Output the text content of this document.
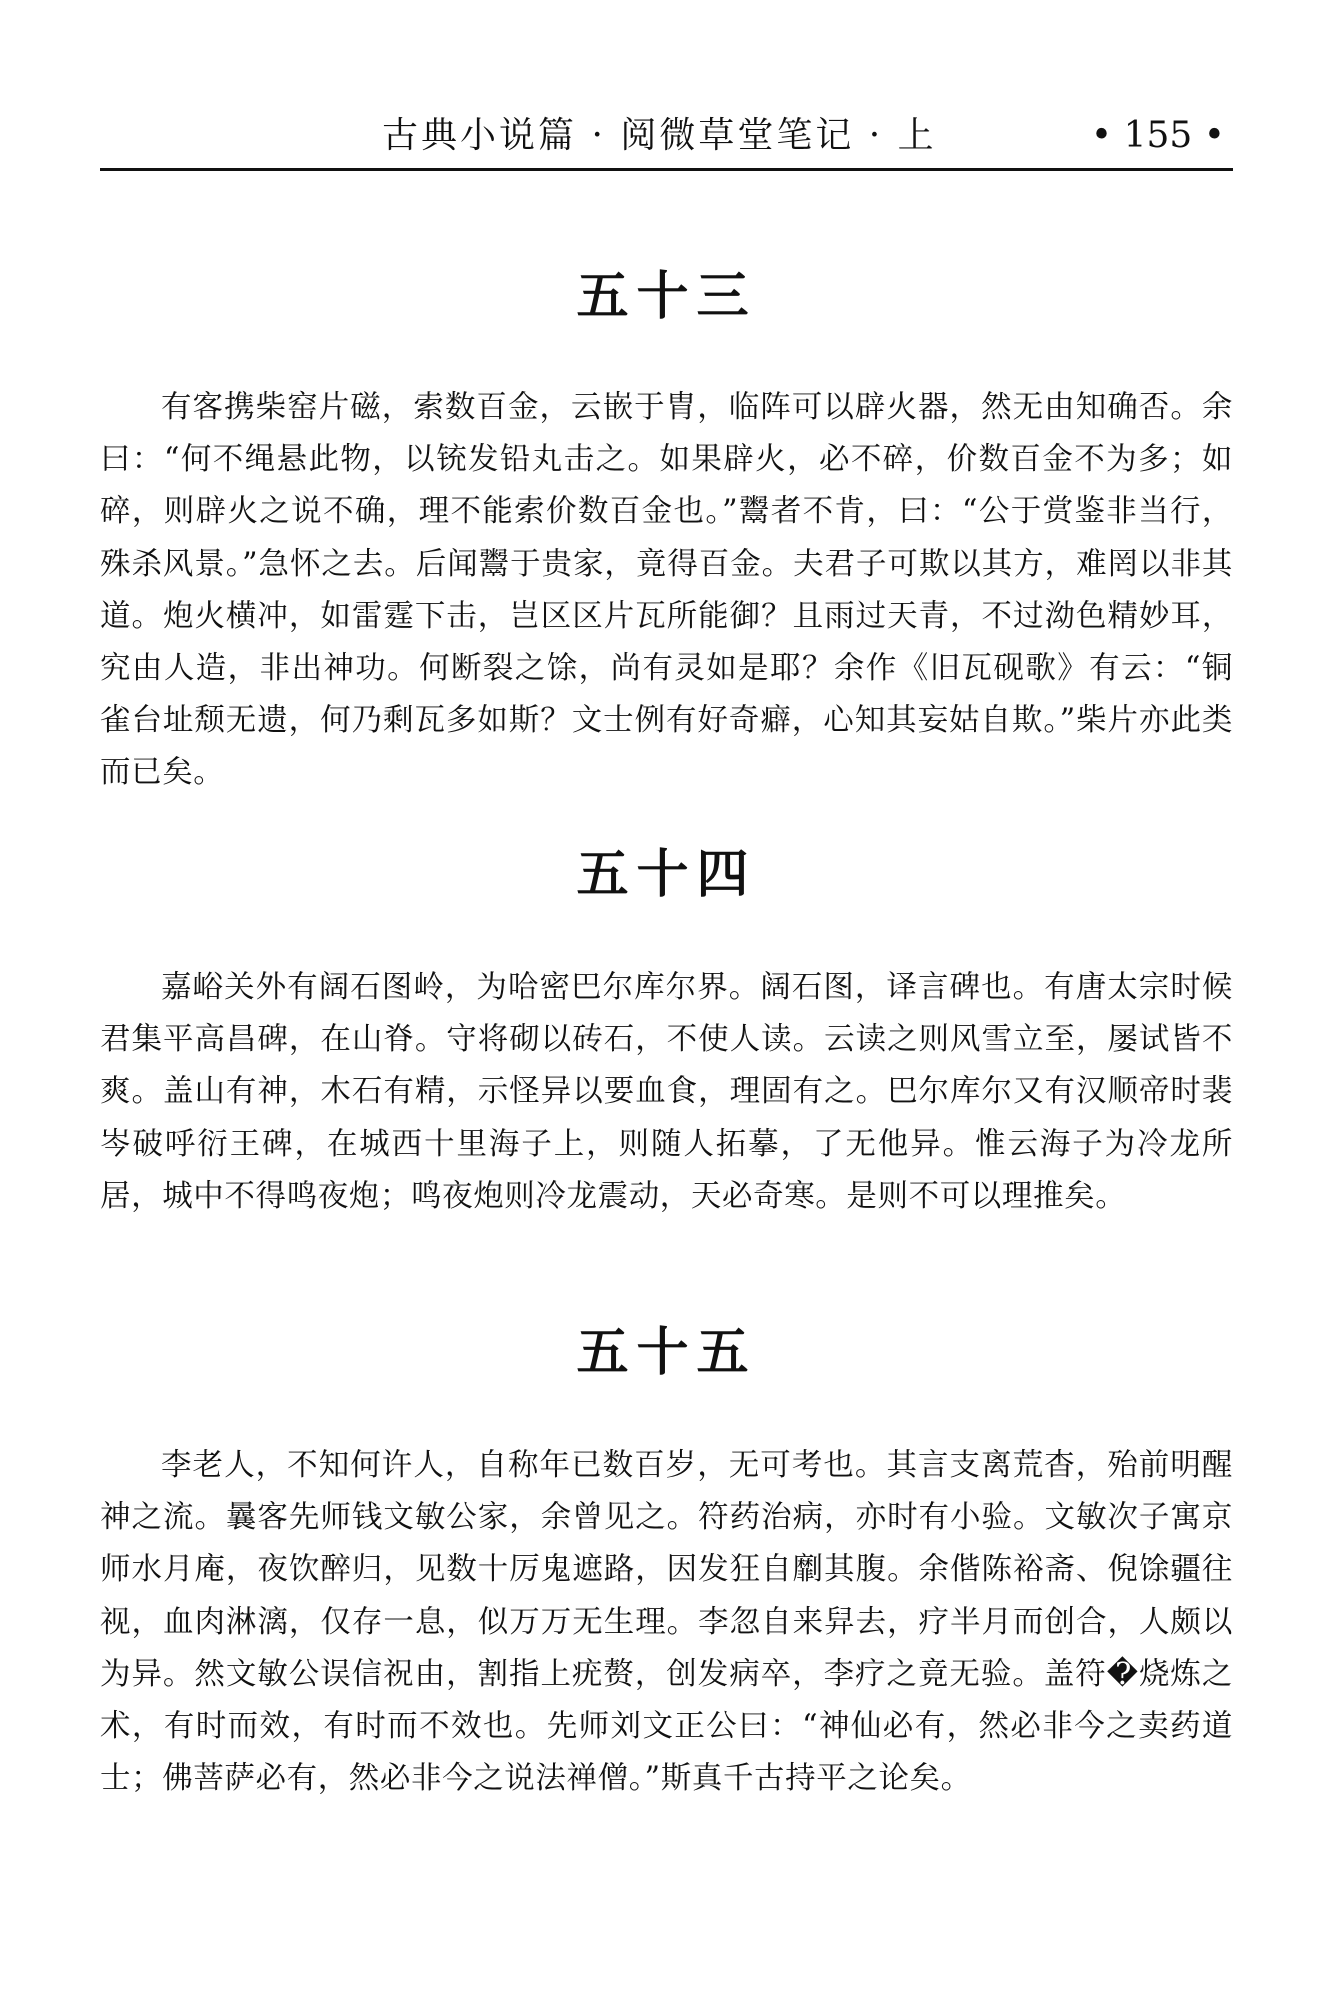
古典小说篇 · 阅微草堂笔记 · 上	• 155 •
五十三

有客携柴窑片磁，索数百金，云嵌于胄，临阵可以辟火器，然无由知确否。余曰：“何不绳悬此物，以铳发铅丸击之。如果辟火，必不碎，价数百金不为多；如碎，则辟火之说不确，理不能索价数百金也。”鬻者不肯，曰：“公于赏鉴非当行，殊杀风景。”急怀之去。后闻鬻于贵家，竟得百金。夫君子可欺以其方，难罔以非其道。炮火横冲，如雷霆下击，岂区区片瓦所能御？且雨过天青，不过泑色精妙耳，究由人造，非出神功。何断裂之馀，尚有灵如是耶？余作《旧瓦砚歌》有云：“铜雀台址颓无遗，何乃剩瓦多如斯？文士例有好奇癖，心知其妄姑自欺。”柴片亦此类而已矣。

五十四

嘉峪关外有阔石图岭，为哈密巴尔库尔界。阔石图，译言碑也。有唐太宗时候君集平高昌碑，在山脊。守将砌以砖石，不使人读。云读之则风雪立至，屡试皆不爽。盖山有神，木石有精，示怪异以要血食，理固有之。巴尔库尔又有汉顺帝时裴岑破呼衍王碑，在城西十里海子上，则随人拓摹，了无他异。惟云海子为冷龙所居，城中不得鸣夜炮；鸣夜炮则冷龙震动，天必奇寒。是则不可以理推矣。

五十五

李老人，不知何许人，自称年已数百岁，无可考也。其言支离荒杳，殆前明醒神之流。曩客先师钱文敏公家，余曾见之。符药治病，亦时有小验。文敏次子寓京师水月庵，夜饮醉归，见数十厉鬼遮路，因发狂自劘其腹。余偕陈裕斋、倪馀疆往视，血肉淋漓，仅存一息，似万万无生理。李忽自来舁去，疗半月而创合，人颇以为异。然文敏公误信祝由，割指上疣赘，创发病卒，李疗之竟无验。盖符�烧炼之术，有时而效，有时而不效也。先师刘文正公曰：“神仙必有，然必非今之卖药道士；佛菩萨必有，然必非今之说法禅僧。”斯真千古持平之论矣。
